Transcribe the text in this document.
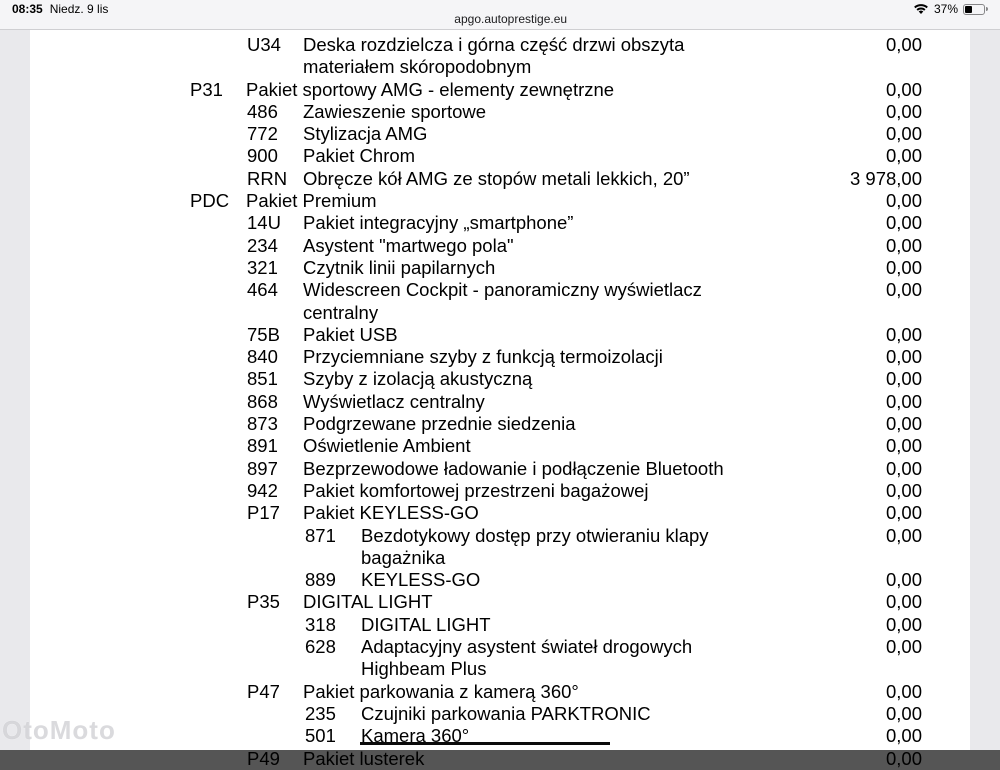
08:35 Niedz. 9 lis
apgo.autoprestige.eu
37%
U34	Deska rozdzielcza i górna część drzwi obszyta
materiałem skóropodobnym
0,00
P31	Pakiet sportowy AMG - elementy zewnętrzne	0,00
486	Zawieszenie sportowe	0,00
772	Stylizacja AMG	0,00
900	Pakiet Chrom	0,00
RRN Obręcze kół AMG ze stopów metali lekkich, 20”	3 978,00
PDC Pakiet Premium	0,00
14U	Pakiet integracyjny „smartphone”	0,00
234	Asystent "martwego pola"	0,00
321	Czytnik linii papilarnych	0,00
464	Widescreen Cockpit - panoramiczny wyświetlacz
centralny
0,00
75B	Pakiet USB	0,00
840	Przyciemniane szyby z funkcją termoizolacji	0,00
851	Szyby z izolacją akustyczną	0,00
868	Wyświetlacz centralny	0,00
873	Podgrzewane przednie siedzenia	0,00
891	Oświetlenie Ambient	0,00
897	Bezprzewodowe ładowanie i podłączenie Bluetooth	0,00
942	Pakiet komfortowej przestrzeni bagażowej	0,00
P17	Pakiet KEYLESS-GO	0,00
871	Bezdotykowy dostęp przy otwieraniu klapy
bagażnika
0,00
889	KEYLESS-GO	0,00
P35	DIGITAL LIGHT	0,00
318	DIGITAL LIGHT	0,00
628	Adaptacyjny asystent świateł drogowych
Highbeam Plus
0,00
P47	Pakiet parkowania z kamerą 360°	0,00
235	Czujniki parkowania PARKTRONIC	0,00
501	Kamera 360°	0,00
P49	Pakiet lusterek	0,00
OtoMoto
